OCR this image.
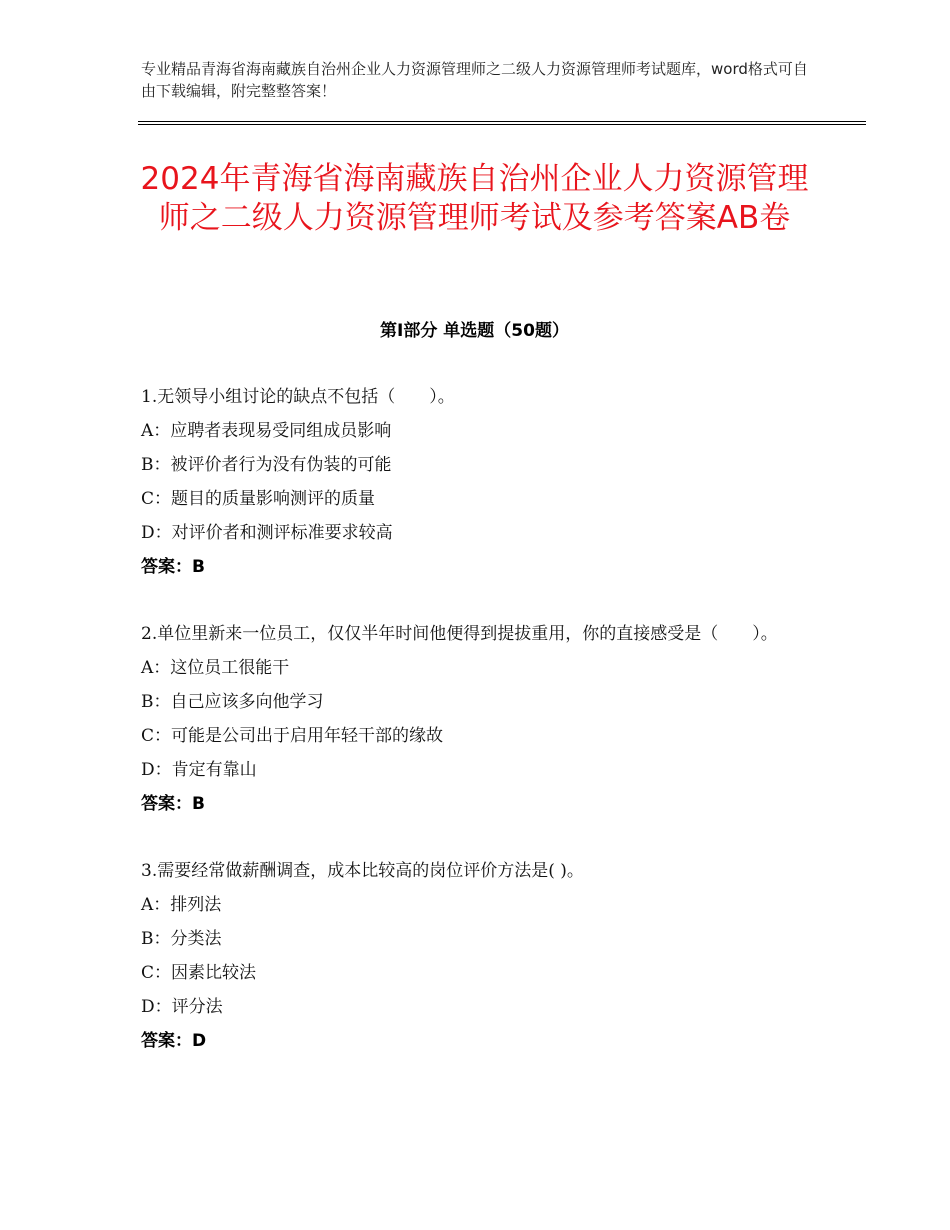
专业精品青海省海南藏族自治州企业人力资源管理师之二级人力资源管理师考试题库，word格式可自由下载编辑，附完整整答案！
2024年青海省海南藏族自治州企业人力资源管理师之二级人力资源管理师考试及参考答案AB卷
第Ⅰ部分 单选题（50题）
1.无领导小组讨论的缺点不包括（　　）。
A：应聘者表现易受同组成员影响
B：被评价者行为没有伪装的可能
C：题目的质量影响测评的质量
D：对评价者和测评标准要求较高
答案：B
2.单位里新来一位员工，仅仅半年时间他便得到提拔重用，你的直接感受是（　　）。
A：这位员工很能干
B：自己应该多向他学习
C：可能是公司出于启用年轻干部的缘故
D：肯定有靠山
答案：B
3.需要经常做薪酬调查，成本比较高的岗位评价方法是( )。
A：排列法
B：分类法
C：因素比较法
D：评分法
答案：D
